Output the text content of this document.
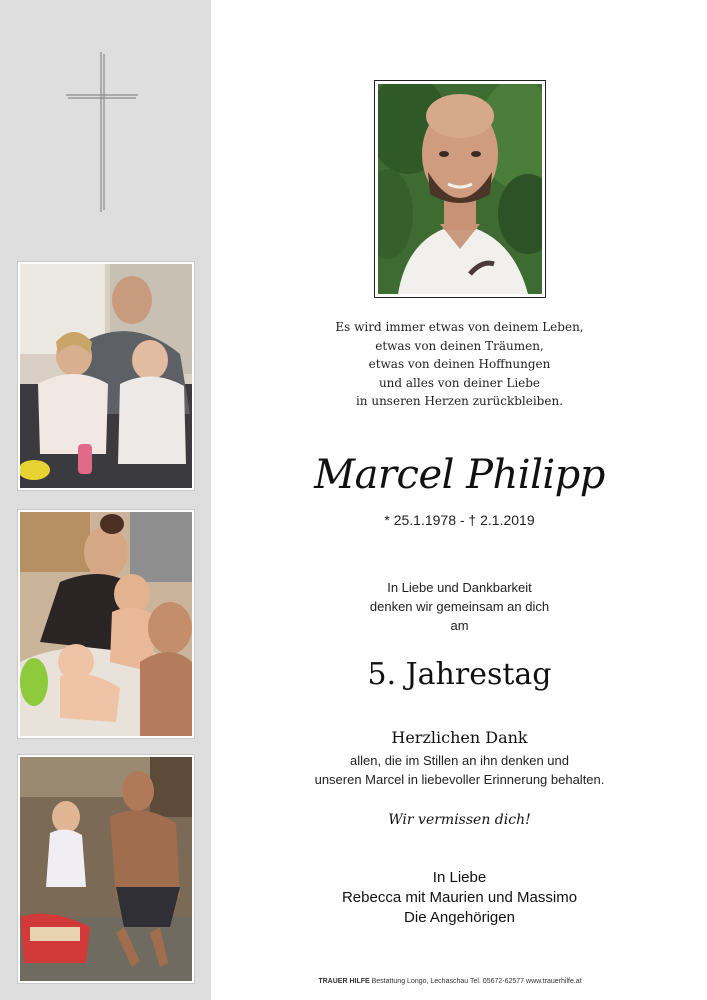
Es wird immer etwas von deinem Leben,
etwas von deinen Träumen,
etwas von deinen Hoffnungen
und alles von deiner Liebe
in unseren Herzen zurückbleiben.
Marcel Philipp
* 25.1.1978 - † 2.1.2019
In Liebe und Dankbarkeit
denken wir gemeinsam an dich
am
5. Jahrestag
Herzlichen Dank
allen, die im Stillen an ihn denken und
unseren Marcel in liebevoller Erinnerung behalten.
Wir vermissen dich!
In Liebe
Rebecca mit Maurien und Massimo
Die Angehörigen
TRAUER HILFE Bestattung Longo, Lechaschau Tel. 05672-62577 www.trauerhilfe.at
